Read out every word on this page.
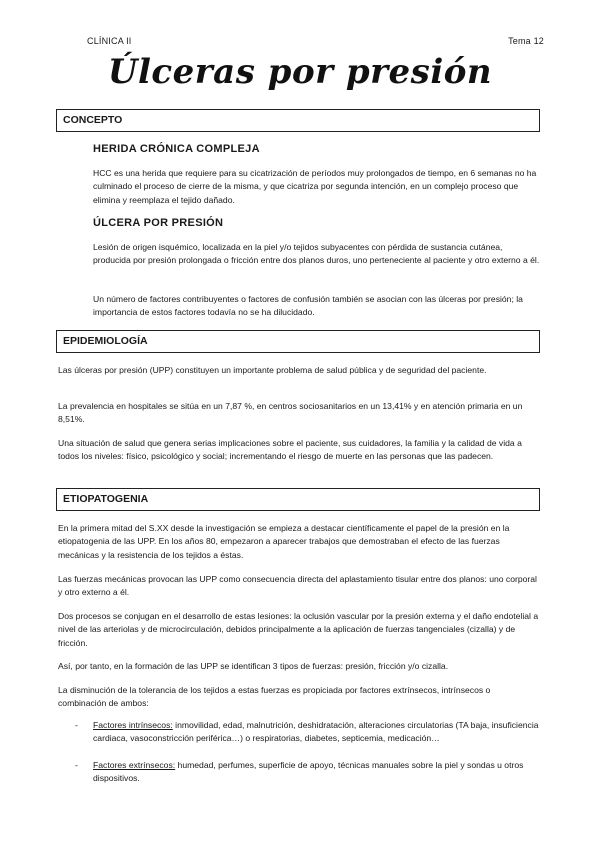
CLÍNICA II	Tema 12
Úlceras por presión
CONCEPTO
HERIDA CRÓNICA COMPLEJA

HCC es una herida que requiere para su cicatrización de períodos muy prolongados de tiempo, en 6 semanas no ha culminado el proceso de cierre de la misma, y que cicatriza por segunda intención, en un complejo proceso que elimina y reemplaza el tejido dañado.

ÚLCERA POR PRESIÓN

Lesión de origen isquémico, localizada en la piel y/o tejidos subyacentes con pérdida de sustancia cutánea, producida por presión prolongada o fricción entre dos planos duros, uno perteneciente al paciente y otro externo a él.

Un número de factores contribuyentes o factores de confusión también se asocian con las úlceras por presión; la importancia de estos factores todavía no se ha dilucidado.

EPIDEMIOLOGÍA

Las úlceras por presión (UPP) constituyen un importante problema de salud pública y de seguridad del paciente.

La prevalencia en hospitales se sitúa en un 7,87 %, en centros sociosanitarios en un 13,41% y en atención primaria en un 8,51%.

Una situación de salud que genera serias implicaciones sobre el paciente, sus cuidadores, la familia y la calidad de vida a todos los niveles: físico, psicológico y social; incrementando el riesgo de muerte en las personas que las padecen.

ETIOPATOGENIA

En la primera mitad del S.XX desde la investigación se empieza a destacar científicamente el papel de la presión en la etiopatogenia de las UPP. En los años 80, empezaron a aparecer trabajos que demostraban el efecto de las fuerzas mecánicas y la resistencia de los tejidos a éstas.

Las fuerzas mecánicas provocan las UPP como consecuencia directa del aplastamiento tisular entre dos planos: uno corporal y otro externo a él.

Dos procesos se conjugan en el desarrollo de estas lesiones: la oclusión vascular por la presión externa y el daño endotelial a nivel de las arteriolas y de microcirculación, debidos principalmente a la aplicación de fuerzas tangenciales (cizalla) y de fricción.

Así, por tanto, en la formación de las UPP se identifican 3 tipos de fuerzas: presión, fricción y/o cizalla.

La disminución de la tolerancia de los tejidos a estas fuerzas es propiciada por factores extrínsecos, intrínsecos o combinación de ambos:

- Factores intrínsecos: inmovilidad, edad, malnutrición, deshidratación, alteraciones circulatorias (TA baja, insuficiencia cardiaca, vasoconstricción periférica…) o respiratorias, diabetes, septicemia, medicación…
- Factores extrínsecos: humedad, perfumes, superficie de apoyo, técnicas manuales sobre la piel y sondas u otros dispositivos.
